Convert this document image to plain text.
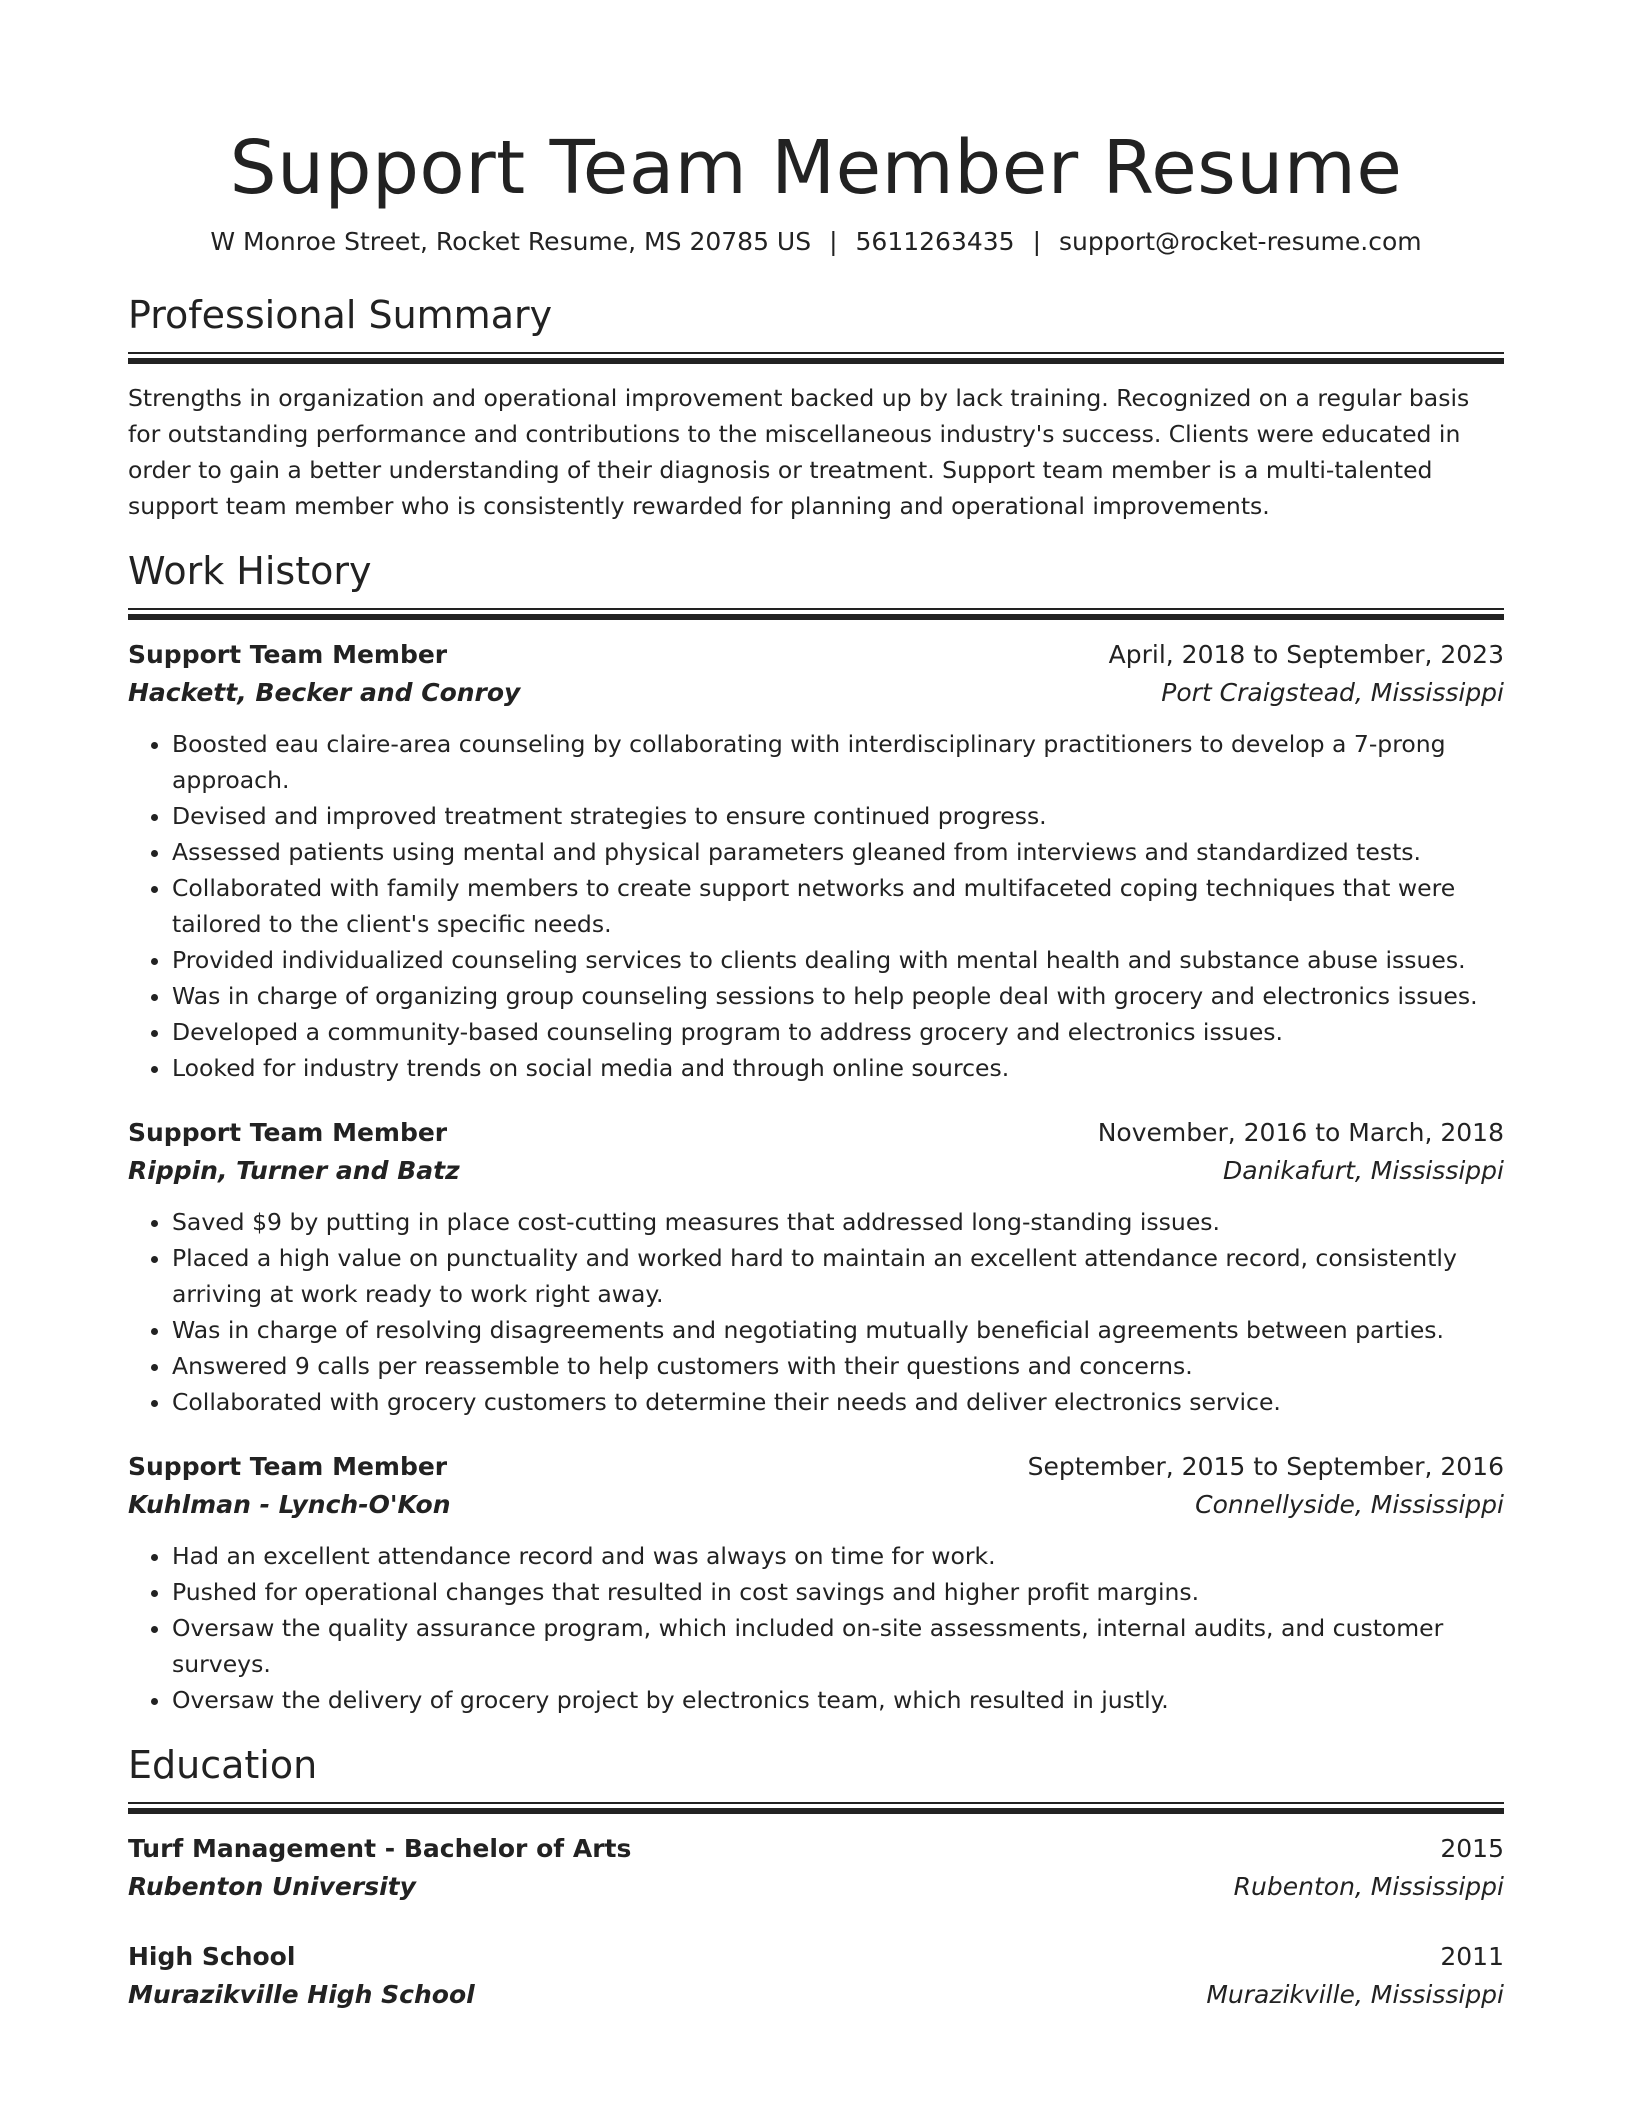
Support Team Member Resume
W Monroe Street, Rocket Resume, MS 20785 US | 5611263435 | support@rocket-resume.com
Professional Summary

Strengths in organization and operational improvement backed up by lack training. Recognized on a regular basis for outstanding performance and contributions to the miscellaneous industry's success. Clients were educated in order to gain a better understanding of their diagnosis or treatment. Support team member is a multi-talented support team member who is consistently rewarded for planning and operational improvements.

Work History
Support Team Member	April, 2018 to September, 2023
Hackett, Becker and Conroy	Port Craigstead, Mississippi
• Boosted eau claire-area counseling by collaborating with interdisciplinary practitioners to develop a 7-prong approach.
• Devised and improved treatment strategies to ensure continued progress.
• Assessed patients using mental and physical parameters gleaned from interviews and standardized tests.
• Collaborated with family members to create support networks and multifaceted coping techniques that were tailored to the client's specific needs.
• Provided individualized counseling services to clients dealing with mental health and substance abuse issues.
• Was in charge of organizing group counseling sessions to help people deal with grocery and electronics issues.
• Developed a community-based counseling program to address grocery and electronics issues.
• Looked for industry trends on social media and through online sources.
Support Team Member	November, 2016 to March, 2018
Rippin, Turner and Batz	Danikafurt, Mississippi
• Saved $9 by putting in place cost-cutting measures that addressed long-standing issues.
• Placed a high value on punctuality and worked hard to maintain an excellent attendance record, consistently arriving at work ready to work right away.
• Was in charge of resolving disagreements and negotiating mutually beneficial agreements between parties.
• Answered 9 calls per reassemble to help customers with their questions and concerns.
• Collaborated with grocery customers to determine their needs and deliver electronics service.
Support Team Member	September, 2015 to September, 2016
Kuhlman - Lynch-O'Kon	Connellyside, Mississippi
• Had an excellent attendance record and was always on time for work.
• Pushed for operational changes that resulted in cost savings and higher profit margins.
• Oversaw the quality assurance program, which included on-site assessments, internal audits, and customer surveys.
• Oversaw the delivery of grocery project by electronics team, which resulted in justly.
Education
Turf Management - Bachelor of Arts	2015
Rubenton University	Rubenton, Mississippi
High School	2011
Murazikville High School	Murazikville, Mississippi
